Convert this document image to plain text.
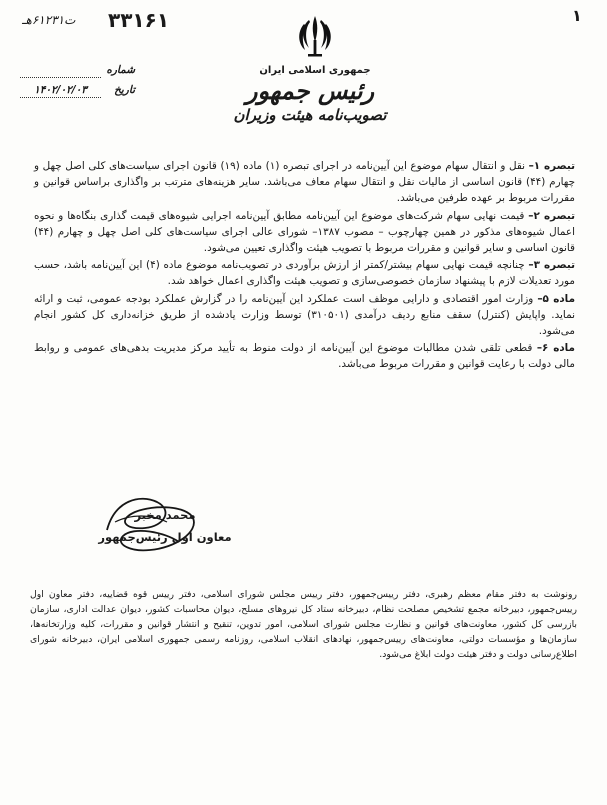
۱
۳۳۱۶۱
ت۶۱۲۳۱هـ
جمهوری اسلامی ایران
رئیس جمهور
تصویب‌نامه هیئت وزیران
شماره
تاریخ
۱۴۰۲/۰۲/۰۳

تبصره ۱– نقل و انتقال سهام موضوع این آیین‌نامه در اجرای تبصره (۱) ماده (۱۹) قانون اجرای سیاست‌های کلی اصل چهل و چهارم (۴۴) قانون اساسی از مالیات نقل و انتقال سهام معاف می‌باشد. سایر هزینه‌های مترتب بر واگذاری براساس قوانین و مقررات مربوط بر عهده طرفین می‌باشد.

تبصره ۲– قیمت نهایی سهام شرکت‌های موضوع این آیین‌نامه مطابق آیین‌نامه اجرایی شیوه‌های قیمت گذاری بنگاه‌ها و نحوه اعمال شیوه‌های مذکور در همین چهارچوب – مصوب ۱۳۸۷– شورای عالی اجرای سیاست‌های کلی اصل چهل و چهارم (۴۴) قانون اساسی و سایر قوانین و مقررات مربوط با تصویب هیئت واگذاری تعیین می‌شود.

تبصره ۳– چنانچه قیمت نهایی سهام بیشتر/کمتر از ارزش برآوردی در تصویب‌نامه موضوع ماده (۴) این آیین‌نامه باشد، حسب مورد تعدیلات لازم با پیشنهاد سازمان خصوصی‌سازی و تصویب هیئت واگذاری اعمال خواهد شد.

ماده ۵– وزارت امور اقتصادی و دارایی موظف است عملکرد این آیین‌نامه را در گزارش عملکرد بودجه عمومی، ثبت و ارائه نماید. واپایش (کنترل) سقف منابع ردیف درآمدی (۳۱۰۵۰۱) توسط وزارت یادشده از طریق خزانه‌داری کل کشور انجام می‌شود.

ماده ۶– قطعی تلقی شدن مطالبات موضوع این آیین‌نامه از دولت منوط به تأیید مرکز مدیریت بدهی‌های عمومی و روابط مالی دولت با رعایت قوانین و مقررات مربوط می‌باشد.

محمد مخبر
معاون اول رئیس‌جمهور
رونوشت به دفتر مقام معظم رهبری، دفتر رییس‌جمهور، دفتر رییس مجلس شورای اسلامی، دفتر رییس قوه قضاییه، دفتر معاون اول رییس‌جمهور، دبیرخانه مجمع تشخیص مصلحت نظام، دبیرخانه ستاد کل نیروهای مسلح، دیوان محاسبات کشور، دیوان عدالت اداری، سازمان بازرسی کل کشور، معاونت‌های قوانین و نظارت مجلس شورای اسلامی، امور تدوین، تنقیح و انتشار قوانین و مقررات، کلیه وزارتخانه‌ها، سازمان‌ها و مؤسسات دولتی، معاونت‌های رییس‌جمهور، نهادهای انقلاب اسلامی، روزنامه رسمی جمهوری اسلامی ایران، دبیرخانه شورای اطلاع‌رسانی دولت و دفتر هیئت دولت ابلاغ می‌شود.
